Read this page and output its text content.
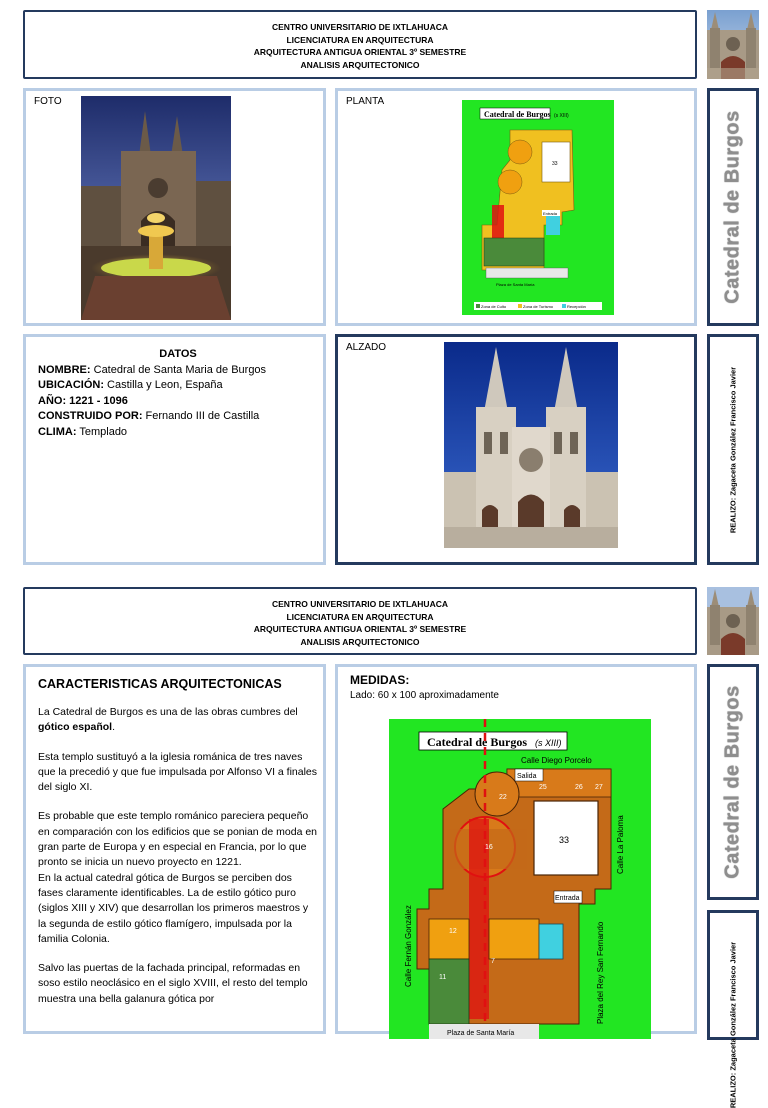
CENTRO UNIVERSITARIO DE IXTLAHUACA
LICENCIATURA EN ARQUITECTURA
ARQUITECTURA ANTIGUA ORIENTAL 3º SEMESTRE
ANALISIS ARQUITECTONICO
FOTO	PLANTA
Catedral de Burgos (s XIII)
33
Entrada
Plaza de Santa María
Zona de Culto	Zona de Turismo	Recepción
Catedral de Burgos
DATOS
NOMBRE: Catedral de Santa Maria de Burgos
UBICACIÓN: Castilla y Leon, España
AÑO: 1221 - 1096
CONSTRUIDO POR: Fernando III de Castilla
CLIMA: Templado
ALZADO
REALIZO: Zagaceta González Francisco Javier
CENTRO UNIVERSITARIO DE IXTLAHUACA
LICENCIATURA EN ARQUITECTURA
ARQUITECTURA ANTIGUA ORIENTAL 3º SEMESTRE
ANALISIS ARQUITECTONICO
CARACTERISTICAS ARQUITECTONICAS

La Catedral de Burgos es una de las obras cumbres del gótico español.

Esta templo sustituyó a la iglesia románica de tres naves que la precedió y que fue impulsada por Alfonso VI a finales del siglo XI.

Es probable que este templo románico pareciera pequeño en comparación con los edificios que se ponian de moda en gran parte de Europa y en especial en Francia, por lo que pronto se inicia un nuevo proyecto en 1221.

En la actual catedral gótica de Burgos se perciben dos fases claramente identificables. La de estilo gótico puro (siglos XIII y XIV) que desarrollan los primeros maestros y la segunda de estilo gótico flamígero, impulsada por la familia Colonia.

Salvo las puertas de la fachada principal, reformadas en soso estilo neoclásico en el siglo XVIII, el resto del templo muestra una bella galanura gótica por

MEDIDAS:
Lado: 60 x 100 aproximadamente
Catedral de Burgos (s XIII)
Calle Diego Porcelo
Calle La Paloma
Calle Fernán González	Plaza del Rey San Fernando
33
Entrada
Salida
7
11
12
16
22
25	26 27
Plaza de Santa María
Catedral de Burgos
REALIZO: Zagaceta González Francisco Javier
